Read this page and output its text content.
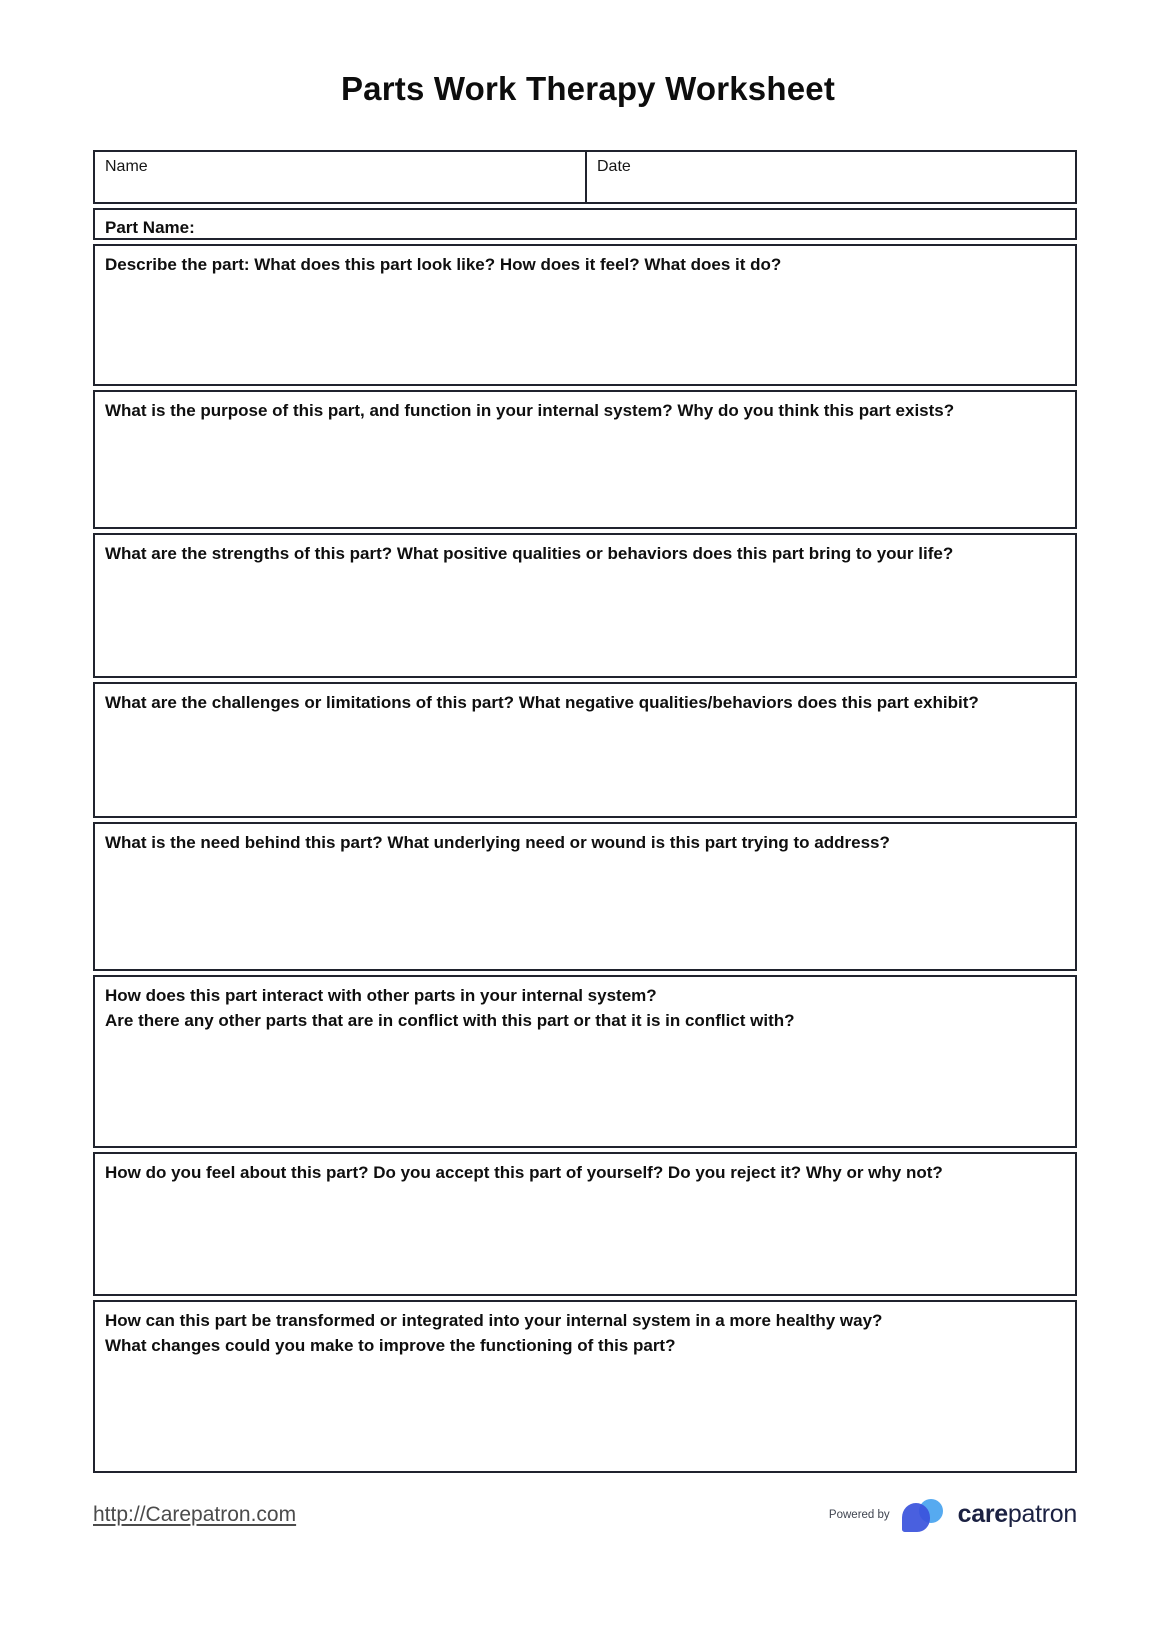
Parts Work Therapy Worksheet
Name	Date
Part Name:
Describe the part: What does this part look like? How does it feel? What does it do?
What is the purpose of this part, and function in your internal system? Why do you think this part exists?
What are the strengths of this part? What positive qualities or behaviors does this part bring to your life?
What are the challenges or limitations of this part? What negative qualities/behaviors does this part exhibit?
What is the need behind this part? What underlying need or wound is this part trying to address?
How does this part interact with other parts in your internal system?
Are there any other parts that are in conflict with this part or that it is in conflict with?
How do you feel about this part? Do you accept this part of yourself? Do you reject it? Why or why not?
How can this part be transformed or integrated into your internal system in a more healthy way?
What changes could you make to improve the functioning of this part?
http://Carepatron.com	Powered by	carepatron
